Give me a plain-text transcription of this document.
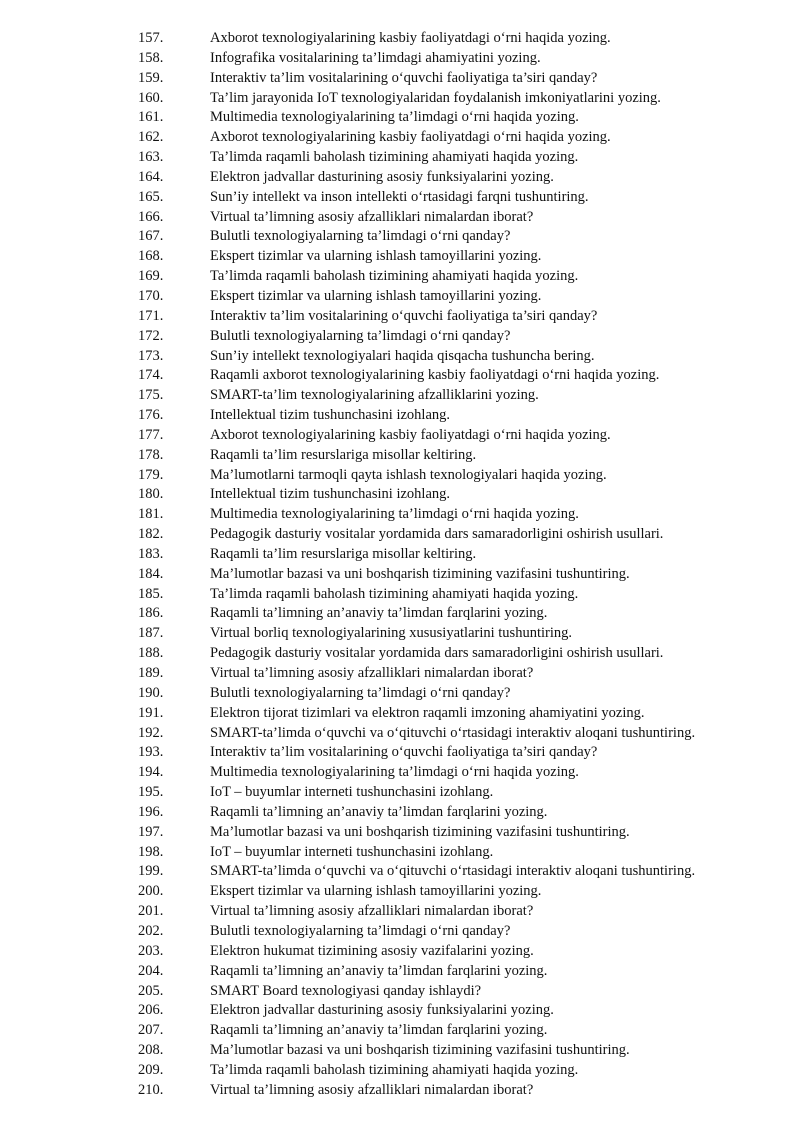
157.	Axborot texnologiyalarining kasbiy faoliyatdagi o‘rni haqida yozing.
158.	Infografika vositalarining ta’limdagi ahamiyatini yozing.
159.	Interaktiv ta’lim vositalarining o‘quvchi faoliyatiga ta’siri qanday?
160.	Ta’lim jarayonida IoT texnologiyalaridan foydalanish imkoniyatlarini yozing.
161.	Multimedia texnologiyalarining ta’limdagi o‘rni haqida yozing.
162.	Axborot texnologiyalarining kasbiy faoliyatdagi o‘rni haqida yozing.
163.	Ta’limda raqamli baholash tizimining ahamiyati haqida yozing.
164.	Elektron jadvallar dasturining asosiy funksiyalarini yozing.
165.	Sun’iy intellekt va inson intellekti o‘rtasidagi farqni tushuntiring.
166.	Virtual ta’limning asosiy afzalliklari nimalardan iborat?
167.	Bulutli texnologiyalarning ta’limdagi o‘rni qanday?
168.	Ekspert tizimlar va ularning ishlash tamoyillarini yozing.
169.	Ta’limda raqamli baholash tizimining ahamiyati haqida yozing.
170.	Ekspert tizimlar va ularning ishlash tamoyillarini yozing.
171.	Interaktiv ta’lim vositalarining o‘quvchi faoliyatiga ta’siri qanday?
172.	Bulutli texnologiyalarning ta’limdagi o‘rni qanday?
173.	Sun’iy intellekt texnologiyalari haqida qisqacha tushuncha bering.
174.	Raqamli axborot texnologiyalarining kasbiy faoliyatdagi o‘rni haqida yozing.
175.	SMART-ta’lim texnologiyalarining afzalliklarini yozing.
176.	Intellektual tizim tushunchasini izohlang.
177.	Axborot texnologiyalarining kasbiy faoliyatdagi o‘rni haqida yozing.
178.	Raqamli ta’lim resurslariga misollar keltiring.
179.	Ma’lumotlarni tarmoqli qayta ishlash texnologiyalari haqida yozing.
180.	Intellektual tizim tushunchasini izohlang.
181.	Multimedia texnologiyalarining ta’limdagi o‘rni haqida yozing.
182.	Pedagogik dasturiy vositalar yordamida dars samaradorligini oshirish usullari.
183.	Raqamli ta’lim resurslariga misollar keltiring.
184.	Ma’lumotlar bazasi va uni boshqarish tizimining vazifasini tushuntiring.
185.	Ta’limda raqamli baholash tizimining ahamiyati haqida yozing.
186.	Raqamli ta’limning an’anaviy ta’limdan farqlarini yozing.
187.	Virtual borliq texnologiyalarining xususiyatlarini tushuntiring.
188.	Pedagogik dasturiy vositalar yordamida dars samaradorligini oshirish usullari.
189.	Virtual ta’limning asosiy afzalliklari nimalardan iborat?
190.	Bulutli texnologiyalarning ta’limdagi o‘rni qanday?
191.	Elektron tijorat tizimlari va elektron raqamli imzoning ahamiyatini yozing.
192.	SMART-ta’limda o‘quvchi va o‘qituvchi o‘rtasidagi interaktiv aloqani tushuntiring.
193.	Interaktiv ta’lim vositalarining o‘quvchi faoliyatiga ta’siri qanday?
194.	Multimedia texnologiyalarining ta’limdagi o‘rni haqida yozing.
195.	IoT – buyumlar interneti tushunchasini izohlang.
196.	Raqamli ta’limning an’anaviy ta’limdan farqlarini yozing.
197.	Ma’lumotlar bazasi va uni boshqarish tizimining vazifasini tushuntiring.
198.	IoT – buyumlar interneti tushunchasini izohlang.
199.	SMART-ta’limda o‘quvchi va o‘qituvchi o‘rtasidagi interaktiv aloqani tushuntiring.
200.	Ekspert tizimlar va ularning ishlash tamoyillarini yozing.
201.	Virtual ta’limning asosiy afzalliklari nimalardan iborat?
202.	Bulutli texnologiyalarning ta’limdagi o‘rni qanday?
203.	Elektron hukumat tizimining asosiy vazifalarini yozing.
204.	Raqamli ta’limning an’anaviy ta’limdan farqlarini yozing.
205.	SMART Board texnologiyasi qanday ishlaydi?
206.	Elektron jadvallar dasturining asosiy funksiyalarini yozing.
207.	Raqamli ta’limning an’anaviy ta’limdan farqlarini yozing.
208.	Ma’lumotlar bazasi va uni boshqarish tizimining vazifasini tushuntiring.
209.	Ta’limda raqamli baholash tizimining ahamiyati haqida yozing.
210.	Virtual ta’limning asosiy afzalliklari nimalardan iborat?
